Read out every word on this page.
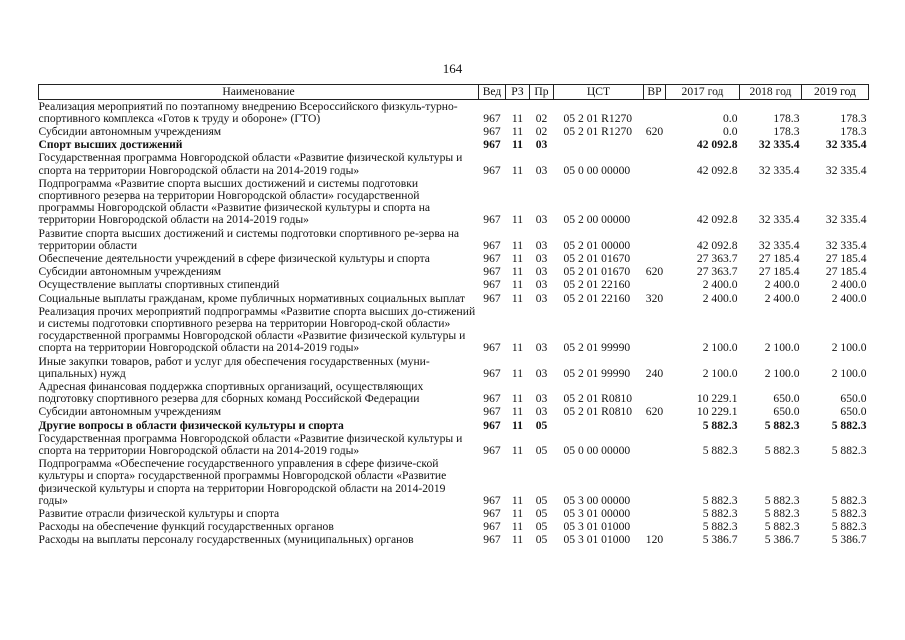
164
Наименование	Вед	РЗ	Пр	ЦСТ	ВР	2017 год	2018 год	2019 год
Реализация мероприятий по поэтапному внедрению Всероссийского физкуль-турно-спортивного комплекса «Готов к труду и обороне» (ГТО)	967	11	02	05 2 01 R1270		0.0	178.3	178.3
Субсидии автономным учреждениям	967	11	02	05 2 01 R1270	620	0.0	178.3	178.3
Спорт высших достижений	967	11	03			42 092.8	32 335.4	32 335.4
Государственная программа Новгородской области «Развитие физической культуры и спорта на территории Новгородской области на 2014-2019 годы»	967	11	03	05 0 00 00000		42 092.8	32 335.4	32 335.4
Подпрограмма «Развитие спорта высших достижений и системы подготовки спортивного резерва на территории Новгородской области» государственной программы Новгородской области «Развитие физической культуры и спорта на территории Новгородской области на 2014-2019 годы»	967	11	03	05 2 00 00000		42 092.8	32 335.4	32 335.4
Развитие спорта высших достижений и системы подготовки спортивного ре-зерва на территории области	967	11	03	05 2 01 00000		42 092.8	32 335.4	32 335.4
Обеспечение деятельности учреждений в сфере физической культуры и спорта	967	11	03	05 2 01 01670		27 363.7	27 185.4	27 185.4
Субсидии автономным учреждениям	967	11	03	05 2 01 01670	620	27 363.7	27 185.4	27 185.4
Осуществление выплаты спортивных стипендий	967	11	03	05 2 01 22160		2 400.0	2 400.0	2 400.0
Социальные выплаты гражданам, кроме публичных нормативных социальных выплат	967	11	03	05 2 01 22160	320	2 400.0	2 400.0	2 400.0
Реализация прочих мероприятий подпрограммы «Развитие спорта высших до-стижений и системы подготовки спортивного резерва на территории Новгород-ской области» государственной программы Новгородской области «Развитие физической культуры и спорта на территории Новгородской области на 2014-2019 годы»	967	11	03	05 2 01 99990		2 100.0	2 100.0	2 100.0
Иные закупки товаров, работ и услуг для обеспечения государственных (муни-ципальных) нужд	967	11	03	05 2 01 99990	240	2 100.0	2 100.0	2 100.0
Адресная финансовая поддержка спортивных организаций, осуществляющих подготовку спортивного резерва для сборных команд Российской Федерации	967	11	03	05 2 01 R0810		10 229.1	650.0	650.0
Субсидии автономным учреждениям	967	11	03	05 2 01 R0810	620	10 229.1	650.0	650.0
Другие вопросы в области физической культуры и спорта	967	11	05			5 882.3	5 882.3	5 882.3
Государственная программа Новгородской области «Развитие физической культуры и спорта на территории Новгородской области на 2014-2019 годы»	967	11	05	05 0 00 00000		5 882.3	5 882.3	5 882.3
Подпрограмма «Обеспечение государственного управления в сфере физиче-ской культуры и спорта» государственной программы Новгородской области «Развитие физической культуры и спорта на территории Новгородской области на 2014-2019 годы»	967	11	05	05 3 00 00000		5 882.3	5 882.3	5 882.3
Развитие отрасли физической культуры и спорта	967	11	05	05 3 01 00000		5 882.3	5 882.3	5 882.3
Расходы на обеспечение функций государственных органов	967	11	05	05 3 01 01000		5 882.3	5 882.3	5 882.3
Расходы на выплаты персоналу государственных (муниципальных) органов	967	11	05	05 3 01 01000	120	5 386.7	5 386.7	5 386.7
